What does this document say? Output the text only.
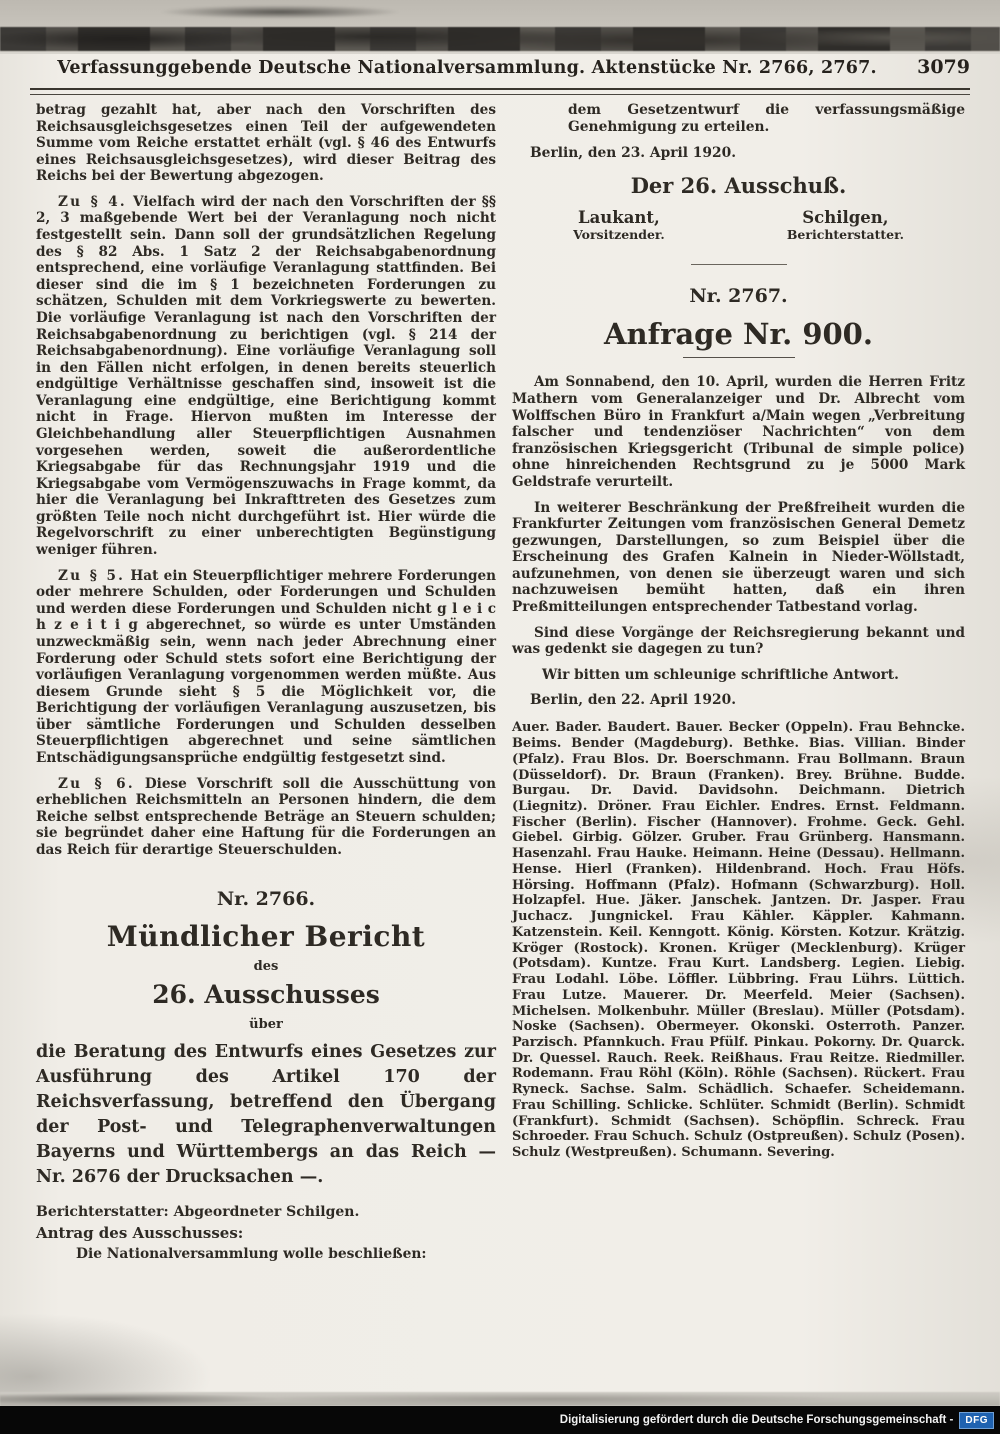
Verfassunggebende Deutsche Nationalversammlung. Aktenstücke Nr. 2766, 2767.	3079

betrag gezahlt hat, aber nach den Vorschriften des Reichsausgleichsgesetzes einen Teil der aufgewendeten Summe vom Reiche erstattet erhält (vgl. § 46 des Entwurfs eines Reichsausgleichsgesetzes), wird dieser Beitrag des Reichs bei der Bewertung abgezogen.

Zu § 4. Vielfach wird der nach den Vorschriften der §§ 2, 3 maßgebende Wert bei der Veranlagung noch nicht festgestellt sein. Dann soll der grundsätzlichen Regelung des § 82 Abs. 1 Satz 2 der Reichsabgabenordnung entsprechend, eine vorläufige Veranlagung stattfinden. Bei dieser sind die im § 1 bezeichneten Forderungen zu schätzen, Schulden mit dem Vorkriegswerte zu bewerten. Die vorläufige Veranlagung ist nach den Vorschriften der Reichsabgabenordnung zu berichtigen (vgl. § 214 der Reichsabgabenordnung). Eine vorläufige Veranlagung soll in den Fällen nicht erfolgen, in denen bereits steuerlich endgültige Verhältnisse geschaffen sind, insoweit ist die Veranlagung eine endgültige, eine Berichtigung kommt nicht in Frage. Hiervon mußten im Interesse der Gleichbehandlung aller Steuerpflichtigen Ausnahmen vorgesehen werden, soweit die außerordentliche Kriegsabgabe für das Rechnungsjahr 1919 und die Kriegsabgabe vom Vermögenszuwachs in Frage kommt, da hier die Veranlagung bei Inkrafttreten des Gesetzes zum größten Teile noch nicht durchgeführt ist. Hier würde die Regelvorschrift zu einer unberechtigten Begünstigung weniger führen.

Zu § 5. Hat ein Steuerpflichtiger mehrere Forderungen oder mehrere Schulden, oder Forderungen und Schulden und werden diese Forderungen und Schulden nicht g l e i c h z e i t i g abgerechnet, so würde es unter Umständen unzweckmäßig sein, wenn nach jeder Abrechnung einer Forderung oder Schuld stets sofort eine Berichtigung der vorläufigen Veranlagung vorgenommen werden müßte. Aus diesem Grunde sieht § 5 die Möglichkeit vor, die Berichtigung der vorläufigen Veranlagung auszusetzen, bis über sämtliche Forderungen und Schulden desselben Steuerpflichtigen abgerechnet und seine sämtlichen Entschädigungsansprüche endgültig festgesetzt sind.

Zu § 6. Diese Vorschrift soll die Ausschüttung von erheblichen Reichsmitteln an Personen hindern, die dem Reiche selbst entsprechende Beträge an Steuern schulden; sie begründet daher eine Haftung für die Forderungen an das Reich für derartige Steuerschulden.

Nr. 2766.

Mündlicher Bericht

des

26. Ausschusses

über

die Beratung des Entwurfs eines Gesetzes zur Ausführung des Artikel 170 der Reichsverfassung, betreffend den Übergang der Post- und Telegraphenverwaltungen Bayerns und Württembergs an das Reich — Nr. 2676 der Drucksachen —.

Berichterstatter: Abgeordneter Schilgen.

Antrag des Ausschusses:

Die Nationalversammlung wolle beschließen:

dem Gesetzentwurf die verfassungsmäßige Genehmigung zu erteilen.

Berlin, den 23. April 1920.

Der 26. Ausschuß.

Laukant,
Vorsitzender.
Schilgen,
Berichterstatter.

Nr. 2767.

Anfrage Nr. 900.

Am Sonnabend, den 10. April, wurden die Herren Fritz Mathern vom Generalanzeiger und Dr. Albrecht vom Wolffschen Büro in Frankfurt a/Main wegen „Verbreitung falscher und tendenziöser Nachrichten“ von dem französischen Kriegsgericht (Tribunal de simple police) ohne hinreichenden Rechtsgrund zu je 5000 Mark Geldstrafe verurteilt.

In weiterer Beschränkung der Preßfreiheit wurden die Frankfurter Zeitungen vom französischen General Demetz gezwungen, Darstellungen, so zum Beispiel über die Erscheinung des Grafen Kalnein in Nieder-Wöllstadt, aufzunehmen, von denen sie überzeugt waren und sich nachzuweisen bemüht hatten, daß ein ihren Preßmitteilungen entsprechender Tatbestand vorlag.

Sind diese Vorgänge der Reichsregierung bekannt und was gedenkt sie dagegen zu tun?

Wir bitten um schleunige schriftliche Antwort.

Berlin, den 22. April 1920.

Auer. Bader. Baudert. Bauer. Becker (Oppeln). Frau Behncke. Beims. Bender (Magdeburg). Bethke. Bias. Villian. Binder (Pfalz). Frau Blos. Dr. Boerschmann. Frau Bollmann. Braun (Düsseldorf). Dr. Braun (Franken). Brey. Brühne. Budde. Burgau. Dr. David. Davidsohn. Deichmann. Dietrich (Liegnitz). Dröner. Frau Eichler. Endres. Ernst. Feldmann. Fischer (Berlin). Fischer (Hannover). Frohme. Geck. Gehl. Giebel. Girbig. Gölzer. Gruber. Frau Grünberg. Hansmann. Hasenzahl. Frau Hauke. Heimann. Heine (Dessau). Hellmann. Hense. Hierl (Franken). Hildenbrand. Hoch. Frau Höfs. Hörsing. Hoffmann (Pfalz). Hofmann (Schwarzburg). Holl. Holzapfel. Hue. Jäker. Janschek. Jantzen. Dr. Jasper. Frau Juchacz. Jungnickel. Frau Kähler. Käppler. Kahmann. Katzenstein. Keil. Kenngott. König. Körsten. Kotzur. Krätzig. Kröger (Rostock). Kronen. Krüger (Mecklenburg). Krüger (Potsdam). Kuntze. Frau Kurt. Landsberg. Legien. Liebig. Frau Lodahl. Löbe. Löffler. Lübbring. Frau Lührs. Lüttich. Frau Lutze. Mauerer. Dr. Meerfeld. Meier (Sachsen). Michelsen. Molkenbuhr. Müller (Breslau). Müller (Potsdam). Noske (Sachsen). Obermeyer. Okonski. Osterroth. Panzer. Parzisch. Pfannkuch. Frau Pfülf. Pinkau. Pokorny. Dr. Quarck. Dr. Quessel. Rauch. Reek. Reißhaus. Frau Reitze. Riedmiller. Rodemann. Frau Röhl (Köln). Röhle (Sachsen). Rückert. Frau Ryneck. Sachse. Salm. Schädlich. Schaefer. Scheidemann. Frau Schilling. Schlicke. Schlüter. Schmidt (Berlin). Schmidt (Frankfurt). Schmidt (Sachsen). Schöpflin. Schreck. Frau Schroeder. Frau Schuch. Schulz (Ostpreußen). Schulz (Posen). Schulz (Westpreußen). Schumann. Severing.

Digitalisierung gefördert durch die Deutsche Forschungsgemeinschaft -	DFG
